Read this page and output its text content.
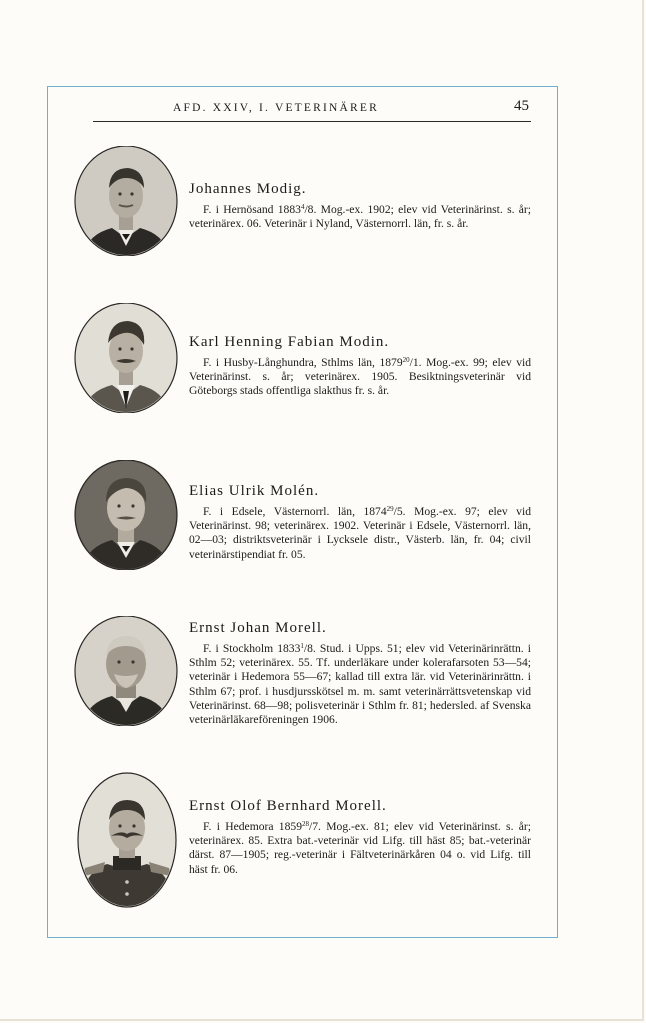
AFD. XXIV, I. VETERINÄRER	45

Johannes Modig.

F. i Hernösand 1883$^4$/8. Mog.-ex. 1902; elev vid Veterinärinst. s. år; veterinärex. 06. Veterinär i Nyland, Västernorrl. län, fr. s. år.

Karl Henning Fabian Modin.

F. i Husby-Långhundra, Sthlms län, 1879$^{20}$/1. Mog.-ex. 99; elev vid Veterinärinst. s. år; veterinärex. 1905. Besiktningsveterinär vid Göteborgs stads offentliga slakthus fr. s. år.

Elias Ulrik Molén.

F. i Edsele, Västernorrl. län, 1874$^{29}$/5. Mog.-ex. 97; elev vid Veterinärinst. 98; veterinärex. 1902. Veterinär i Edsele, Västernorrl. län, 02—03; distriktsveterinär i Lycksele distr., Västerb. län, fr. 04; civil veterinärstipendiat fr. 05.

Ernst Johan Morell.

F. i Stockholm 1833$^1$/8. Stud. i Upps. 51; elev vid Veterinärinrättn. i Sthlm 52; veterinärex. 55. Tf. underläkare under kolerafarsoten 53—54; veterinär i Hedemora 55—67; kallad till extra lär. vid Veterinärinrättn. i Sthlm 67; prof. i husdjursskötsel m. m. samt veterinärrättsvetenskap vid Veterinärinst. 68—98; polisveterinär i Sthlm fr. 81; hedersled. af Svenska veterinärläkareföreningen 1906.

Ernst Olof Bernhard Morell.

F. i Hedemora 1859$^{28}$/7. Mog.-ex. 81; elev vid Veterinärinst. s. år; veterinärex. 85. Extra bat.-veterinär vid Lifg. till häst 85; bat.-veterinär därst. 87—1905; reg.-veterinär i Fältveterinärkåren 04 o. vid Lifg. till häst fr. 06.
